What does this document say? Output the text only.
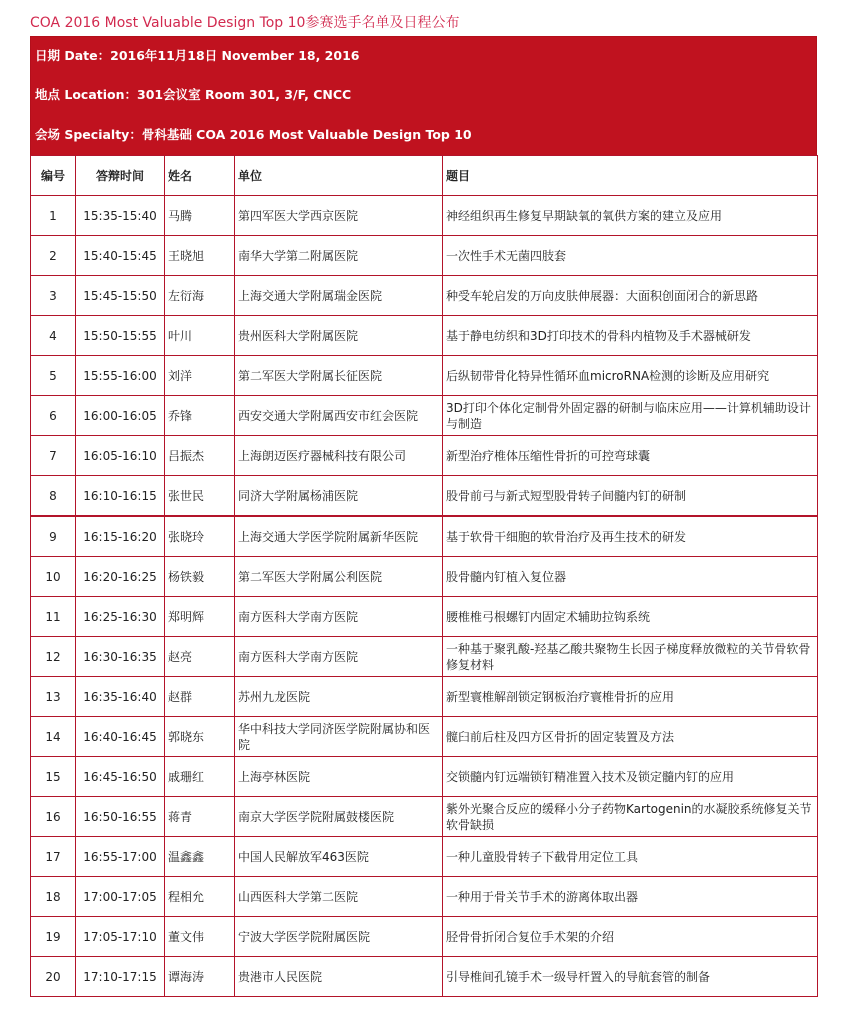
COA 2016 Most Valuable Design Top 10参赛选手名单及日程公布
日期 Date：2016年11月18日 November 18, 2016
地点 Location：301会议室 Room 301, 3/F, CNCC
会场 Specialty：骨科基础 COA 2016 Most Valuable Design Top 10
编号	答辩时间	姓名	单位	题目
1	15:35-15:40	马腾	第四军医大学西京医院	神经组织再生修复早期缺氧的氧供方案的建立及应用
2	15:40-15:45	王晓旭	南华大学第二附属医院	一次性手术无菌四肢套
3	15:45-15:50	左衍海	上海交通大学附属瑞金医院	种受车轮启发的万向皮肤伸展器：大面积创面闭合的新思路
4	15:50-15:55	叶川	贵州医科大学附属医院	基于静电纺织和3D打印技术的骨科内植物及手术器械研发
5	15:55-16:00	刘洋	第二军医大学附属长征医院	后纵韧带骨化特异性循环血microRNA检测的诊断及应用研究
6	16:00-16:05	乔锋	西安交通大学附属西安市红会医院	3D打印个体化定制骨外固定器的研制与临床应用——计算机辅助设计与制造
7	16:05-16:10	吕振杰	上海朗迈医疗器械科技有限公司	新型治疗椎体压缩性骨折的可控弯球囊
8	16:10-16:15	张世民	同济大学附属杨浦医院	股骨前弓与新式短型股骨转子间髓内钉的研制
9	16:15-16:20	张晓玲	上海交通大学医学院附属新华医院	基于软骨干细胞的软骨治疗及再生技术的研发
10	16:20-16:25	杨铁毅	第二军医大学附属公利医院	股骨髓内钉植入复位器
11	16:25-16:30	郑明辉	南方医科大学南方医院	腰椎椎弓根螺钉内固定术辅助拉钩系统
12	16:30-16:35	赵亮	南方医科大学南方医院	一种基于聚乳酸-羟基乙酸共聚物生长因子梯度释放微粒的关节骨软骨修复材料
13	16:35-16:40	赵群	苏州九龙医院	新型寰椎解剖锁定钢板治疗寰椎骨折的应用
14	16:40-16:45	郭晓东	华中科技大学同济医学院附属协和医院	髋臼前后柱及四方区骨折的固定装置及方法
15	16:45-16:50	戚珊红	上海亭林医院	交锁髓内钉远端锁钉精准置入技术及锁定髓内钉的应用
16	16:50-16:55	蒋青	南京大学医学院附属鼓楼医院	紫外光聚合反应的缓释小分子药物Kartogenin的水凝胶系统修复关节软骨缺损
17	16:55-17:00	温鑫鑫	中国人民解放军463医院	一种儿童股骨转子下截骨用定位工具
18	17:00-17:05	程相允	山西医科大学第二医院	一种用于骨关节手术的游离体取出器
19	17:05-17:10	董文伟	宁波大学医学院附属医院	胫骨骨折闭合复位手术架的介绍
20	17:10-17:15	谭海涛	贵港市人民医院	引导椎间孔镜手术一级导杆置入的导航套管的制备
